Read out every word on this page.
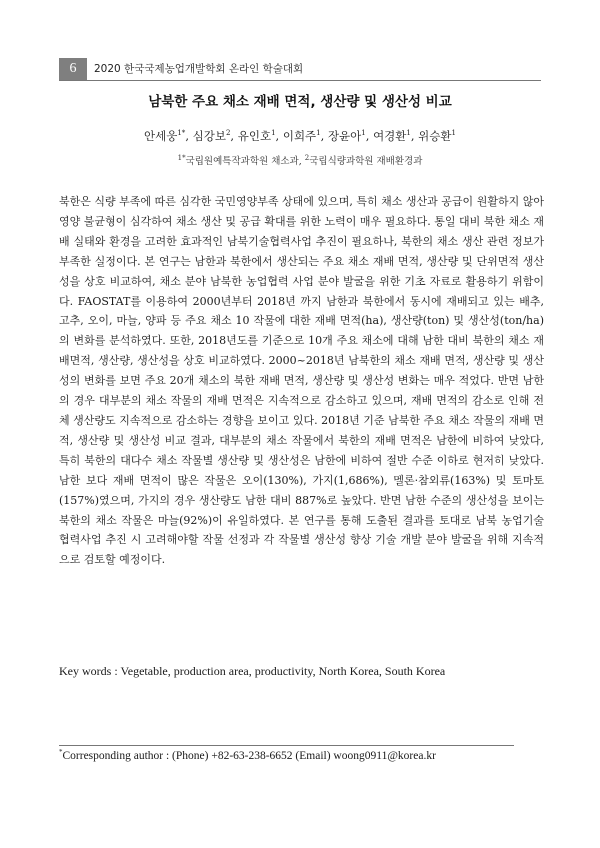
6	2020 한국국제농업개발학회 온라인 학술대회
남북한 주요 채소 재배 면적, 생산량 및 생산성 비교
안세웅$^{1*}$, 심강보$^2$, 유인호$^1$, 이희주$^1$, 장윤아$^1$, 여경환$^1$, 위승환$^1$
$^{1*}$국립원예특작과학원 채소과, $^2$국립식량과학원 재배환경과

북한은 식량 부족에 따른 심각한 국민영양부족 상태에 있으며, 특히 채소 생산과 공급이 원활하지 않아 영양 불균형이 심각하여 채소 생산 및 공급 확대를 위한 노력이 매우 필요하다. 통일 대비 북한 채소 재배 실태와 환경을 고려한 효과적인 남북기술협력사업 추진이 필요하나, 북한의 채소 생산 관련 정보가 부족한 실정이다. 본 연구는 남한과 북한에서 생산되는 주요 채소 재배 면적, 생산량 및 단위면적 생산성을 상호 비교하여, 채소 분야 남북한 농업협력 사업 분야 발굴을 위한 기초 자료로 활용하기 위함이다. FAOSTAT를 이용하여 2000년부터 2018년 까지 남한과 북한에서 동시에 재배되고 있는 배추, 고추, 오이, 마늘, 양파 등 주요 채소 10 작물에 대한 재배 면적(ha), 생산량(ton) 및 생산성(ton/ha)의 변화를 분석하였다. 또한, 2018년도를 기준으로 10개 주요 채소에 대해 남한 대비 북한의 채소 재배면적, 생산량, 생산성을 상호 비교하였다. 2000~2018년 남북한의 채소 재배 면적, 생산량 및 생산성의 변화를 보면 주요 20개 채소의 북한 재배 면적, 생산량 및 생산성 변화는 매우 적었다. 반면 남한의 경우 대부분의 채소 작물의 재배 면적은 지속적으로 감소하고 있으며, 재배 면적의 감소로 인해 전체 생산량도 지속적으로 감소하는 경향을 보이고 있다. 2018년 기준 남북한 주요 채소 작물의 재배 면적, 생산량 및 생산성 비교 결과, 대부분의 채소 작물에서 북한의 재배 면적은 남한에 비하여 낮았다, 특히 북한의 대다수 채소 작물별 생산량 및 생산성은 남한에 비하여 절반 수준 이하로 현저히 낮았다. 남한 보다 재배 면적이 많은 작물은 오이(130%), 가지(1,686%), 멜론·참외류(163%) 및 토마토(157%)였으며, 가지의 경우 생산량도 남한 대비 887%로 높았다. 반면 남한 수준의 생산성을 보이는 북한의 채소 작물은 마늘(92%)이 유일하였다. 본 연구를 통해 도출된 결과를 토대로 남북 농업기술 협력사업 추진 시 고려해야할 작물 선정과 각 작물별 생산성 향상 기술 개발 분야 발굴을 위해 지속적으로 검토할 예정이다.

Key words : Vegetable, production area, productivity, North Korea, South Korea
*Corresponding author : (Phone) +82-63-238-6652 (Email) woong0911@korea.kr
